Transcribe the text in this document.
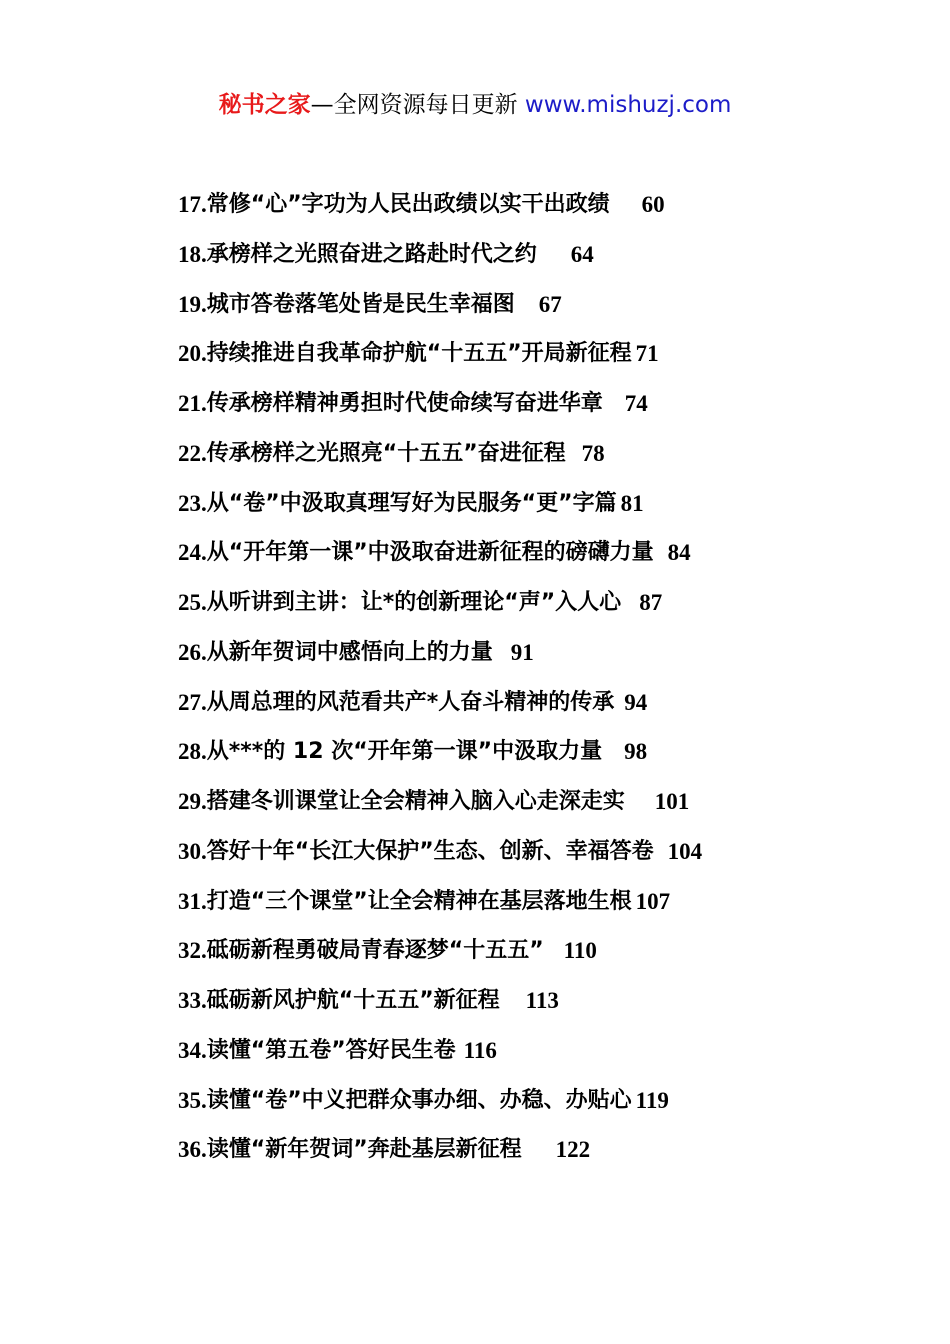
秘书之家—全网资源每日更新 www.mishuzj.com
17. 常修“心”字功为人民出政绩以实干出政绩 60
18. 承榜样之光照奋进之路赴时代之约 64
19. 城市答卷落笔处皆是民生幸福图 67
20. 持续推进自我革命护航“十五五”开局新征程 71
21. 传承榜样精神勇担时代使命续写奋进华章 74
22. 传承榜样之光照亮“十五五”奋进征程 78
23. 从“卷”中汲取真理写好为民服务“更”字篇 81
24. 从“开年第一课”中汲取奋进新征程的磅礴力量 84
25. 从听讲到主讲：让*的创新理论“声”入人心 87
26. 从新年贺词中感悟向上的力量 91
27. 从周总理的风范看共产*人奋斗精神的传承 94
28. 从***的 12 次“开年第一课”中汲取力量 98
29. 搭建冬训课堂让全会精神入脑入心走深走实 101
30. 答好十年“长江大保护”生态、创新、幸福答卷 104
31. 打造“三个课堂”让全会精神在基层落地生根 107
32. 砥砺新程勇破局青春逐梦“十五五” 110
33. 砥砺新风护航“十五五”新征程 113
34. 读懂“第五卷”答好民生卷 116
35. 读懂“卷”中义把群众事办细、办稳、办贴心 119
36. 读懂“新年贺词”奔赴基层新征程 122
